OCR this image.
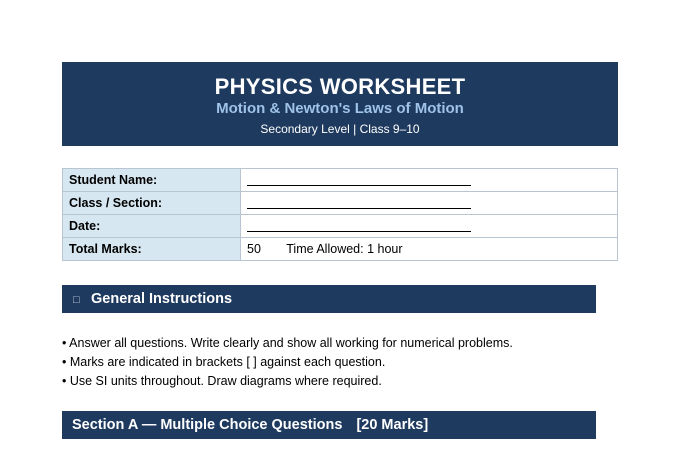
PHYSICS WORKSHEET
Motion & Newton's Laws of Motion
Secondary Level | Class 9–10
Student Name:	
Class / Section:	
Date:	
Total Marks:	50 Time Allowed: 1 hour
□ General Instructions
• Answer all questions. Write clearly and show all working for numerical problems.
• Marks are indicated in brackets [ ] against each question.
• Use SI units throughout. Draw diagrams where required.
Section A — Multiple Choice Questions [20 Marks]
